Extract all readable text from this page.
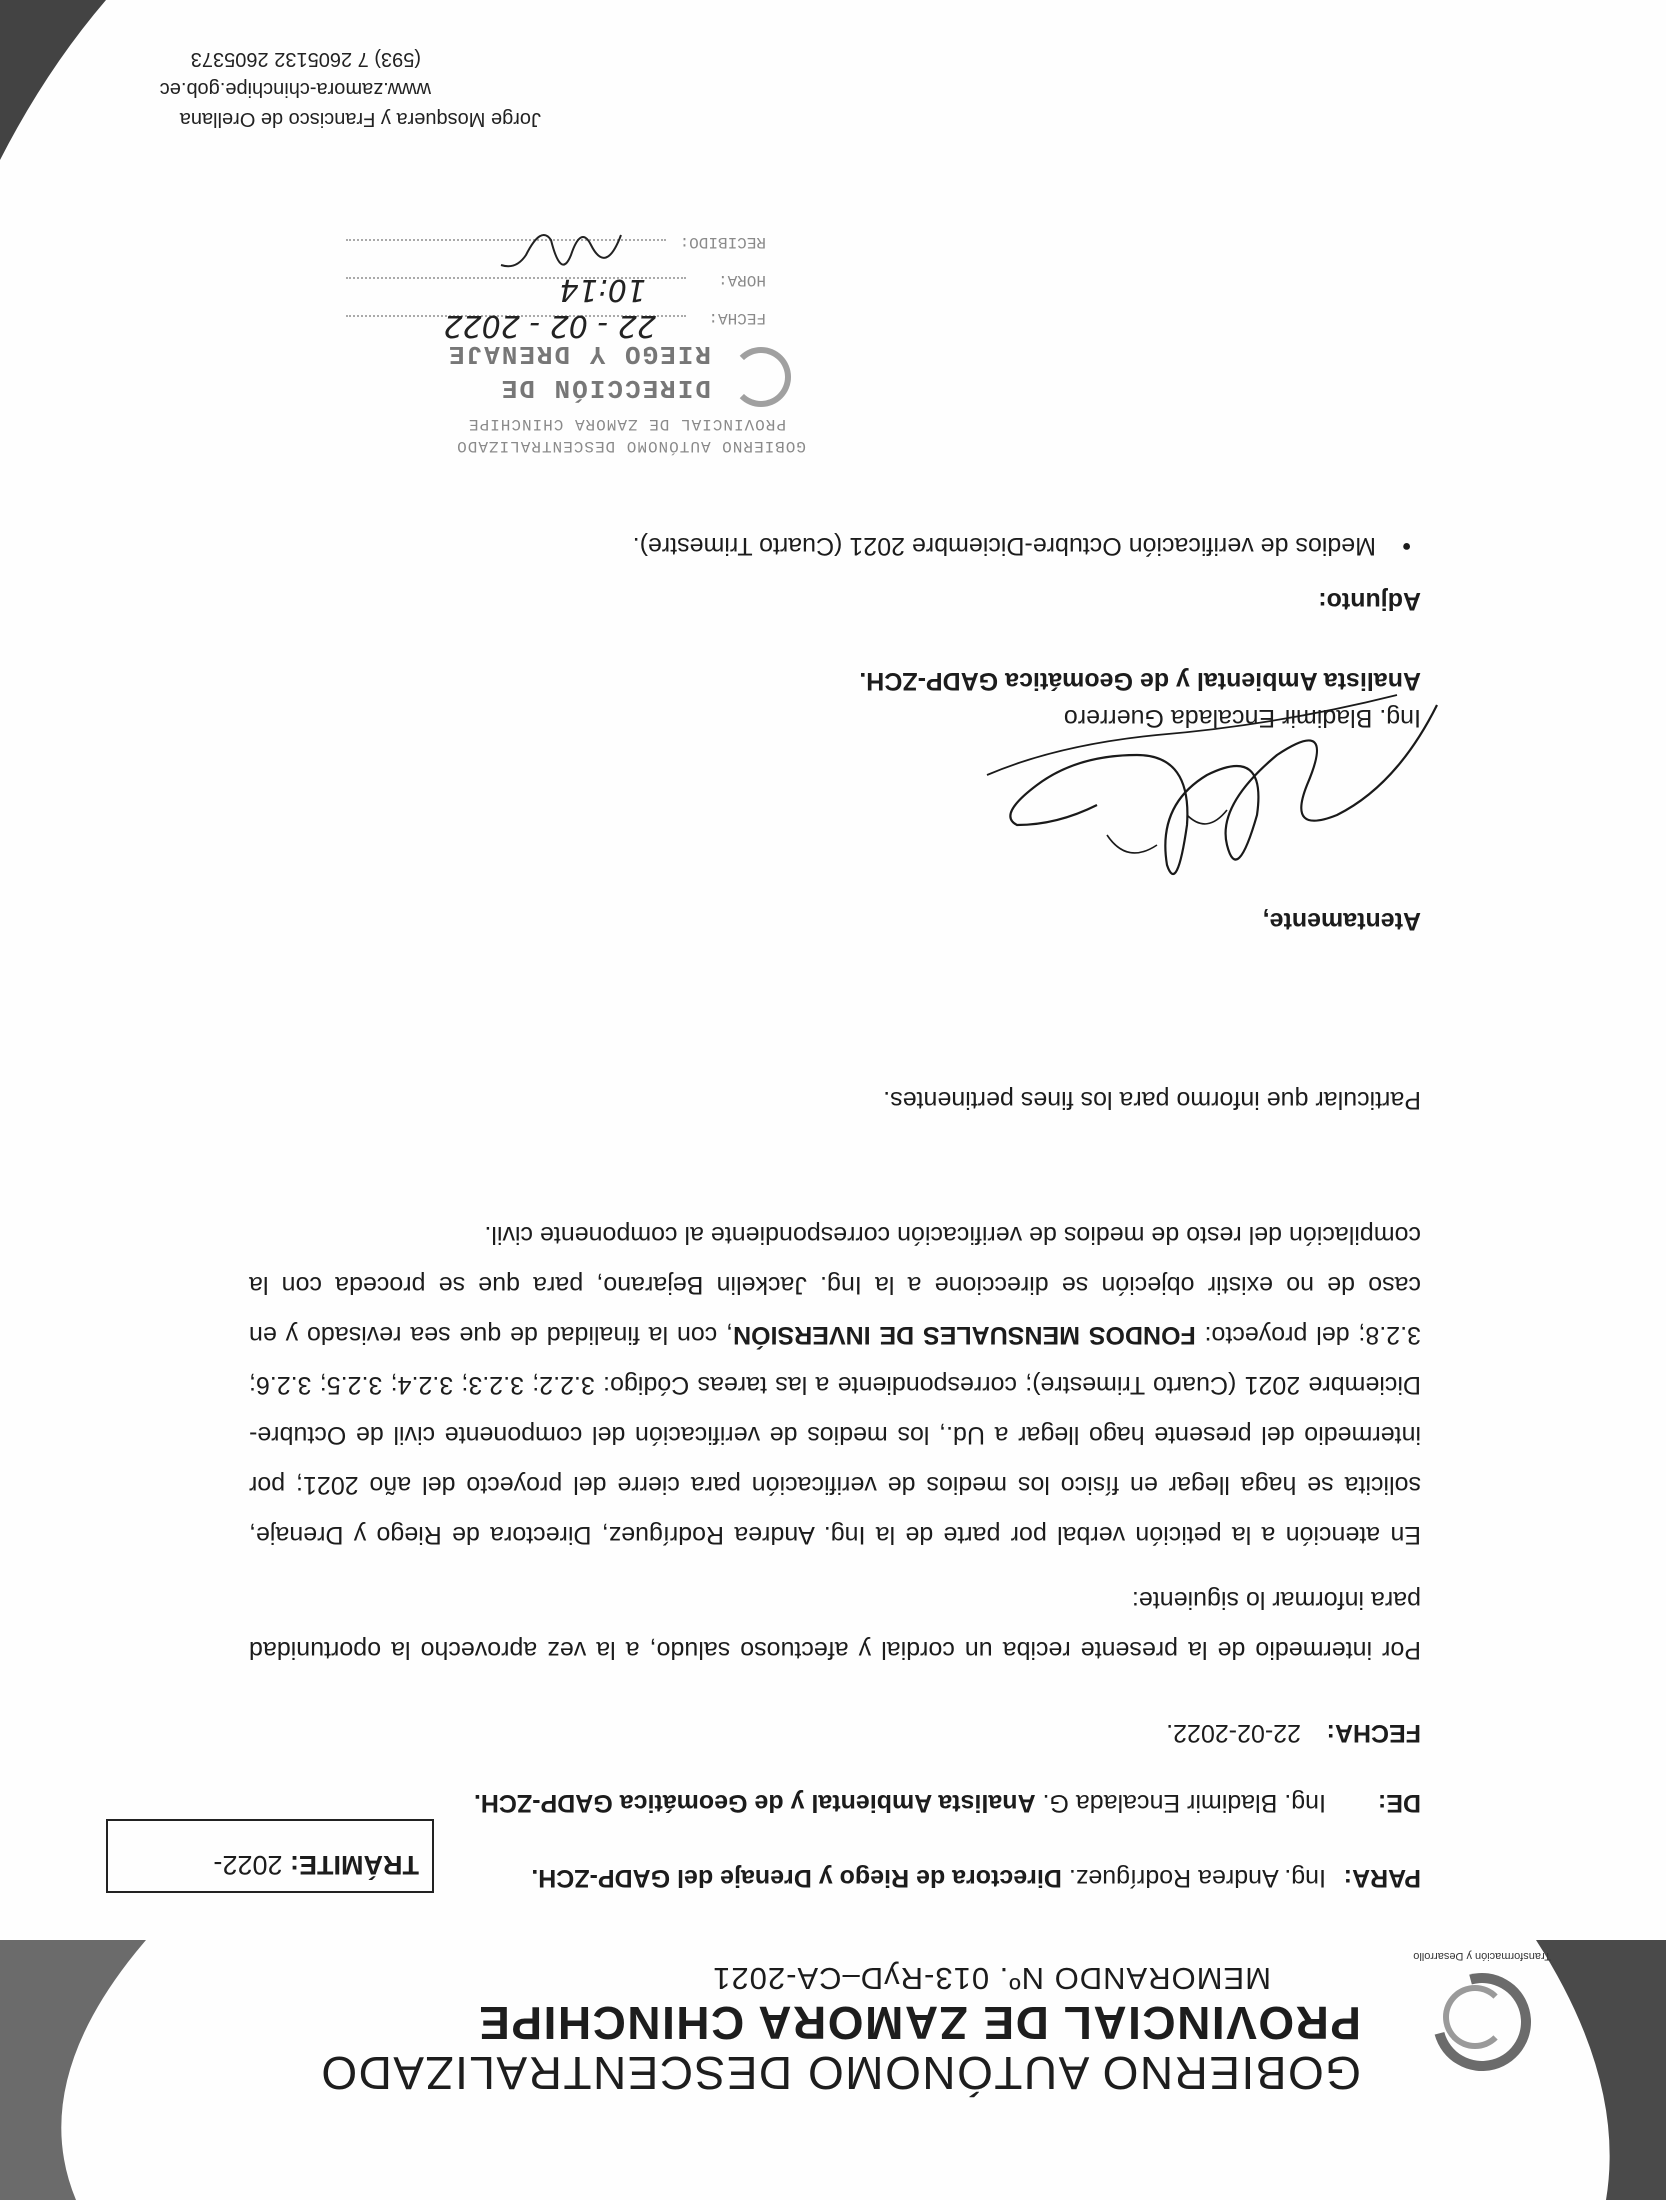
Transformación y Desarrollo
GOBIERNO AUTÓNOMO DESCENTRALIZADO
PROVINCIAL DE ZAMORA CHINCHIPE
MEMORANDO Nº. 013-RyD–CA-2021
TRÁMITE: 2022-	PARA:
Ing. Andrea Rodríguez. Directora de Riego y Drenaje del GADP-ZCH.
DE:
Ing. Bladimir Encalada G. Analista Ambiental y de Geomática GADP-ZCH.
FECHA:
22-02-2022.

Por intermedio de la presente reciba un cordial y afectuoso saludo, a la vez aprovecho la oportunidad para informar lo siguiente:

En atención a la petición verbal por parte de la Ing. Andrea Rodríguez, Directora de Riego y Drenaje, solicita se haga llegar en físico los medios de verificación para cierre del proyecto del año 2021; por intermedio del presente hago llegar a Ud., los medios de verificación del componente civil de Octubre-Diciembre 2021 (Cuarto Trimestre); correspondiente a las tareas Código: 3.2.2; 3.2.3; 3.2.4; 3.2.5; 3.2.6; 3.2.8; del proyecto: FONDOS MENSUALES DE INVERSIÓN, con la finalidad de que sea revisado y en caso de no existir objeción se direccione a la Ing. Jackelin Bejarano, para que se proceda con la compilación del resto de medios de verificación correspondiente al componente civil.

Particular que informo para los fines pertinentes.

Atentamente,
Ing. Bladimir Encalada Guerrero
Analista Ambiental y de Geomática GADP-ZCH.
Adjunto:
•
Medios de verificación Octubre-Diciembre 2021 (Cuarto Trimestre).
GOBIERNO AUTÓNOMO DESCENTRALIZADO
PROVINCIAL DE ZAMORA CHINCHIPE
DIRECCIÓN DE
RIEGO Y DRENAJE
FECHA:
22 - 02 - 2022
HORA:
10:14
RECIBIDO:
Jorge Mosquera y Francisco de Orellana
www.zamora-chinchipe.gob.ec
(593) 7 2605132 2605373
